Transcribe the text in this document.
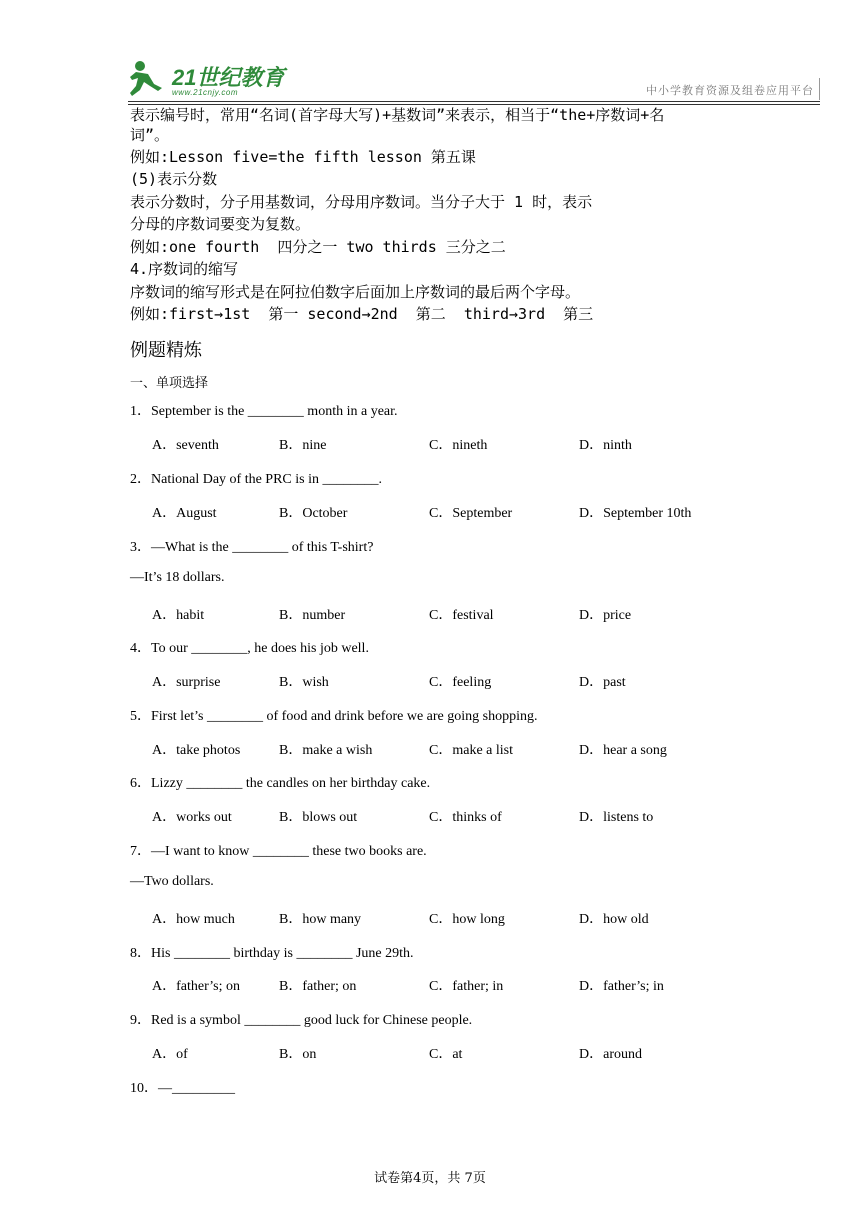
21世纪教育
www.21cnjy.com	中小学教育资源及组卷应用平台
表示编号时，常用“名词(首字母大写)+基数词”来表示，相当于“the+序数词+名
词”。
例如:Lesson five=the fifth lesson 第五课
(5)表示分数
表示分数时，分子用基数词，分母用序数词。当分子大于 1 时，表示
分母的序数词要变为复数。
例如:one fourth  四分之一 two thirds 三分之二
4.序数词的缩写
序数词的缩写形式是在阿拉伯数字后面加上序数词的最后两个字母。
例如:first→1st  第一 second→2nd  第二  third→3rd  第三
例题精炼
一、单项选择
1．September is the ________ month in a year.
A．seventh	B．nine	C．nineth	D．ninth
2．National Day of the PRC is in ________.
A．August	B．October	C．September	D．September 10th
3．—What is the ________ of this T-shirt?
—It’s 18 dollars.
A．habit	B．number	C．festival	D．price
4．To our ________, he does his job well.
A．surprise	B．wish	C．feeling	D．past
5．First let’s ________ of food and drink before we are going shopping.
A．take photos	B．make a wish	C．make a list	D．hear a song
6．Lizzy ________ the candles on her birthday cake.
A．works out	B．blows out	C．thinks of	D．listens to
7．—I want to know ________ these two books are.
—Two dollars.
A．how much	B．how many	C．how long	D．how old
8．His ________ birthday is ________ June 29th.
A．father’s; on	B．father; on	C．father; in	D．father’s; in
9．Red is a symbol ________ good luck for Chinese people.
A．of	B．on	C．at	D．around
10．—_________
试卷第4页，共 7页
